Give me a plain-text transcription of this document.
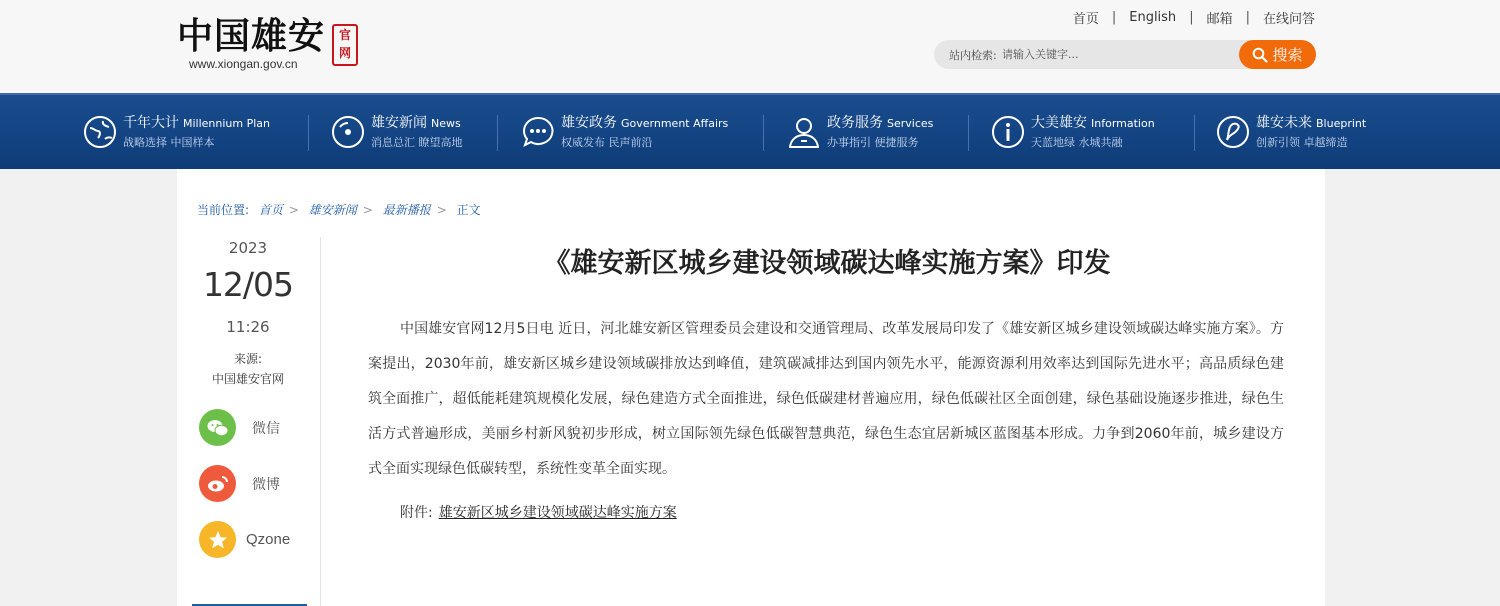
中国雄安	官网
www.xiongan.gov.cn
首页 | English | 邮箱 | 在线问答
站内检索:
请输入关键字...	搜索
千年大计 Millennium Plan
战略选择 中国样本
雄安新闻 News
消息总汇 瞭望高地
雄安政务 Government Affairs
权威发布 民声前沿
政务服务 Services
办事指引 便捷服务
大美雄安 Information
天蓝地绿 水城共融
雄安未来 Blueprint
创新引领 卓越缔造
当前位置: 首页 > 雄安新闻 > 最新播报 > 正文
2023
12/05
11:26
来源:
中国雄安官网
微信
微博
Qzone
《雄安新区城乡建设领域碳达峰实施方案》印发

中国雄安官网12月5日电 近日，河北雄安新区管理委员会建设和交通管理局、改革发展局印发了《雄安新区城乡建设领域碳达峰实施方案》。方案提出，2030年前，雄安新区城乡建设领域碳排放达到峰值，建筑碳减排达到国内领先水平，能源资源利用效率达到国际先进水平；高品质绿色建筑全面推广，超低能耗建筑规模化发展，绿色建造方式全面推进，绿色低碳建材普遍应用，绿色低碳社区全面创建，绿色基础设施逐步推进，绿色生活方式普遍形成，美丽乡村新风貌初步形成，树立国际领先绿色低碳智慧典范，绿色生态宜居新城区蓝图基本形成。力争到2060年前，城乡建设方式全面实现绿色低碳转型，系统性变革全面实现。

附件: 雄安新区城乡建设领域碳达峰实施方案
